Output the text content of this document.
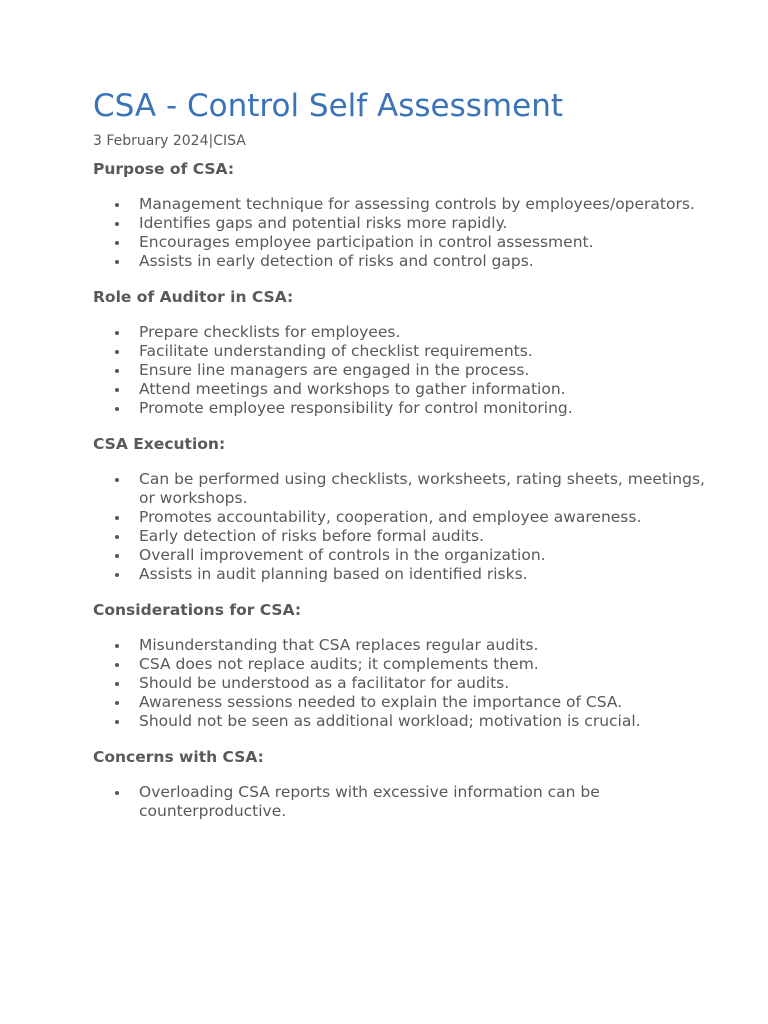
CSA - Control Self Assessment
3 February 2024|CISA
Purpose of CSA:
Management technique for assessing controls by employees/operators.
Identifies gaps and potential risks more rapidly.
Encourages employee participation in control assessment.
Assists in early detection of risks and control gaps.
Role of Auditor in CSA:
Prepare checklists for employees.
Facilitate understanding of checklist requirements.
Ensure line managers are engaged in the process.
Attend meetings and workshops to gather information.
Promote employee responsibility for control monitoring.
CSA Execution:
Can be performed using checklists, worksheets, rating sheets, meetings, or workshops.
Promotes accountability, cooperation, and employee awareness.
Early detection of risks before formal audits.
Overall improvement of controls in the organization.
Assists in audit planning based on identified risks.
Considerations for CSA:
Misunderstanding that CSA replaces regular audits.
CSA does not replace audits; it complements them.
Should be understood as a facilitator for audits.
Awareness sessions needed to explain the importance of CSA.
Should not be seen as additional workload; motivation is crucial.
Concerns with CSA:
Overloading CSA reports with excessive information can be counterproductive.
